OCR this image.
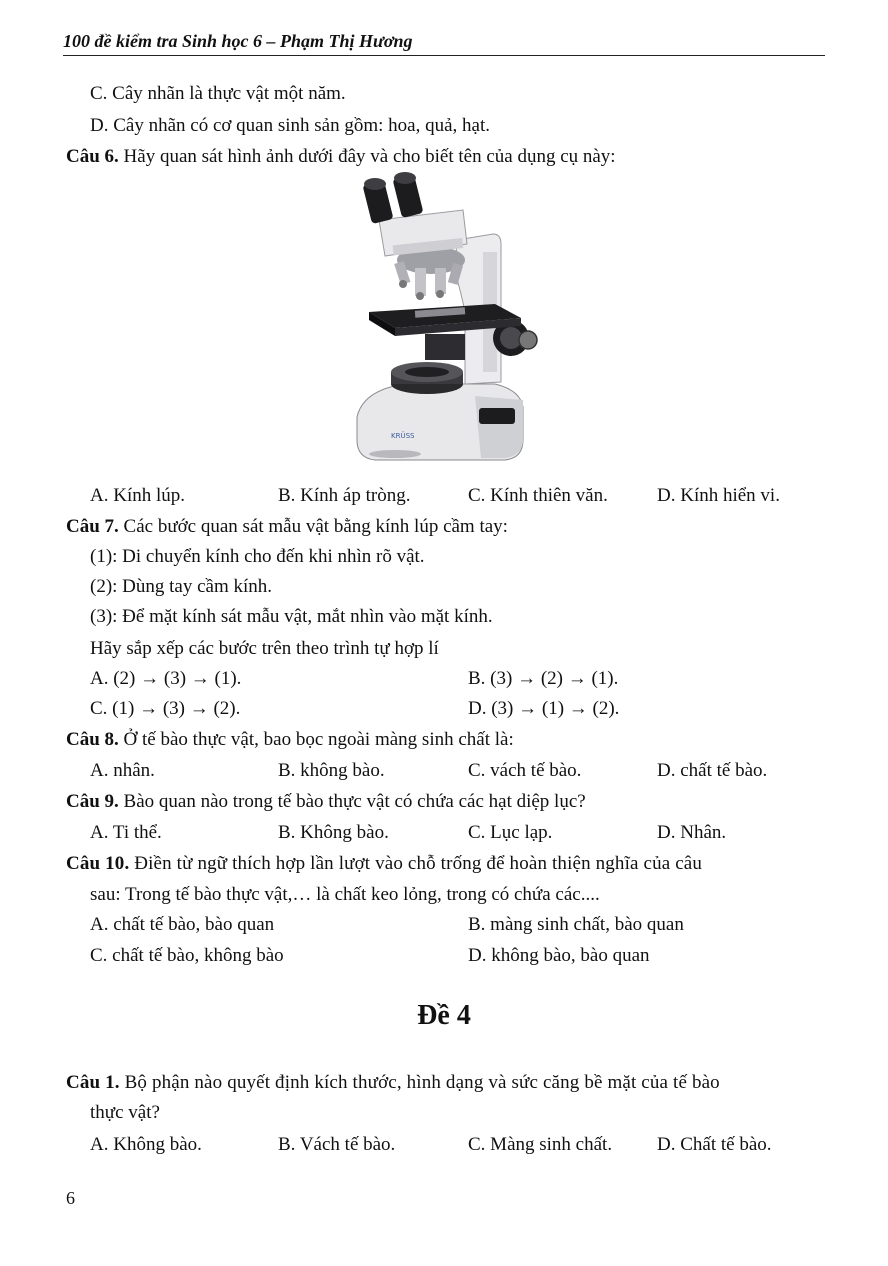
100 đề kiểm tra Sinh học 6 – Phạm Thị Hương
C. Cây nhãn là thực vật một năm.
D. Cây nhãn có cơ quan sinh sản gồm: hoa, quả, hạt.
Câu 6. Hãy quan sát hình ảnh dưới đây và cho biết tên của dụng cụ này:
KRÜSS
A. Kính lúp.	B. Kính áp tròng.	C. Kính thiên văn.	D. Kính hiển vi.
Câu 7. Các bước quan sát mẫu vật bằng kính lúp cầm tay:
(1): Di chuyển kính cho đến khi nhìn rõ vật.
(2): Dùng tay cầm kính.
(3): Để mặt kính sát mẫu vật, mắt nhìn vào mặt kính.
Hãy sắp xếp các bước trên theo trình tự hợp lí
A. (2) → (3) → (1).	B. (3) → (2) → (1).
C. (1) → (3) → (2).	D. (3) → (1) → (2).
Câu 8. Ở tế bào thực vật, bao bọc ngoài màng sinh chất là:
A. nhân.	B. không bào.	C. vách tế bào.	D. chất tế bào.
Câu 9. Bào quan nào trong tế bào thực vật có chứa các hạt diệp lục?
A. Ti thể.	B. Không bào.	C. Lục lạp.	D. Nhân.
Câu 10. Điền từ ngữ thích hợp lần lượt vào chỗ trống để hoàn thiện nghĩa của câu
sau: Trong tế bào thực vật,… là chất keo lỏng, trong có chứa các....
A. chất tế bào, bào quan	B. màng sinh chất, bào quan
C. chất tế bào, không bào	D. không bào, bào quan
Đề 4
Câu 1. Bộ phận nào quyết định kích thước, hình dạng và sức căng bề mặt của tế bào
thực vật?
A. Không bào.	B. Vách tế bào.	C. Màng sinh chất. D. Chất tế bào.
6
